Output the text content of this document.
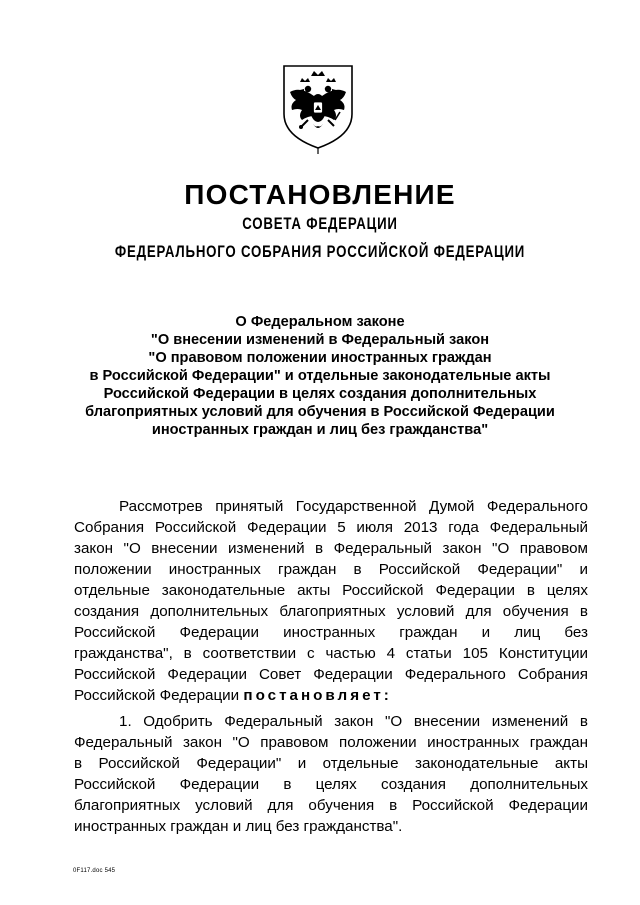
ПОСТАНОВЛЕНИЕ
СОВЕТА ФЕДЕРАЦИИ
ФЕДЕРАЛЬНОГО СОБРАНИЯ РОССИЙСКОЙ ФЕДЕРАЦИИ
О Федеральном законе
"О внесении изменений в Федеральный закон
"О правовом положении иностранных граждан
в Российской Федерации" и отдельные законодательные акты
Российской Федерации в целях создания дополнительных
благоприятных условий для обучения в Российской Федерации
иностранных граждан и лиц без гражданства"
Рассмотрев принятый Государственной Думой Федерального
Собрания Российской Федерации 5 июля 2013 года Федеральный
закон "О внесении изменений в Федеральный закон "О правовом
положении иностранных граждан в Российской Федерации" и
отдельные законодательные акты Российской Федерации в целях
создания дополнительных благоприятных условий для обучения в
Российской Федерации иностранных граждан и лиц без
гражданства", в соответствии с частью 4 статьи 105 Конституции
Российской Федерации Совет Федерации Федерального Собрания
Российской Федерации постановляет:
1. Одобрить Федеральный закон "О внесении изменений в
Федеральный закон "О правовом положении иностранных граждан
в Российской Федерации" и отдельные законодательные акты
Российской Федерации в целях создания дополнительных
благоприятных условий для обучения в Российской Федерации
иностранных граждан и лиц без гражданства".
0F117.doc 545
